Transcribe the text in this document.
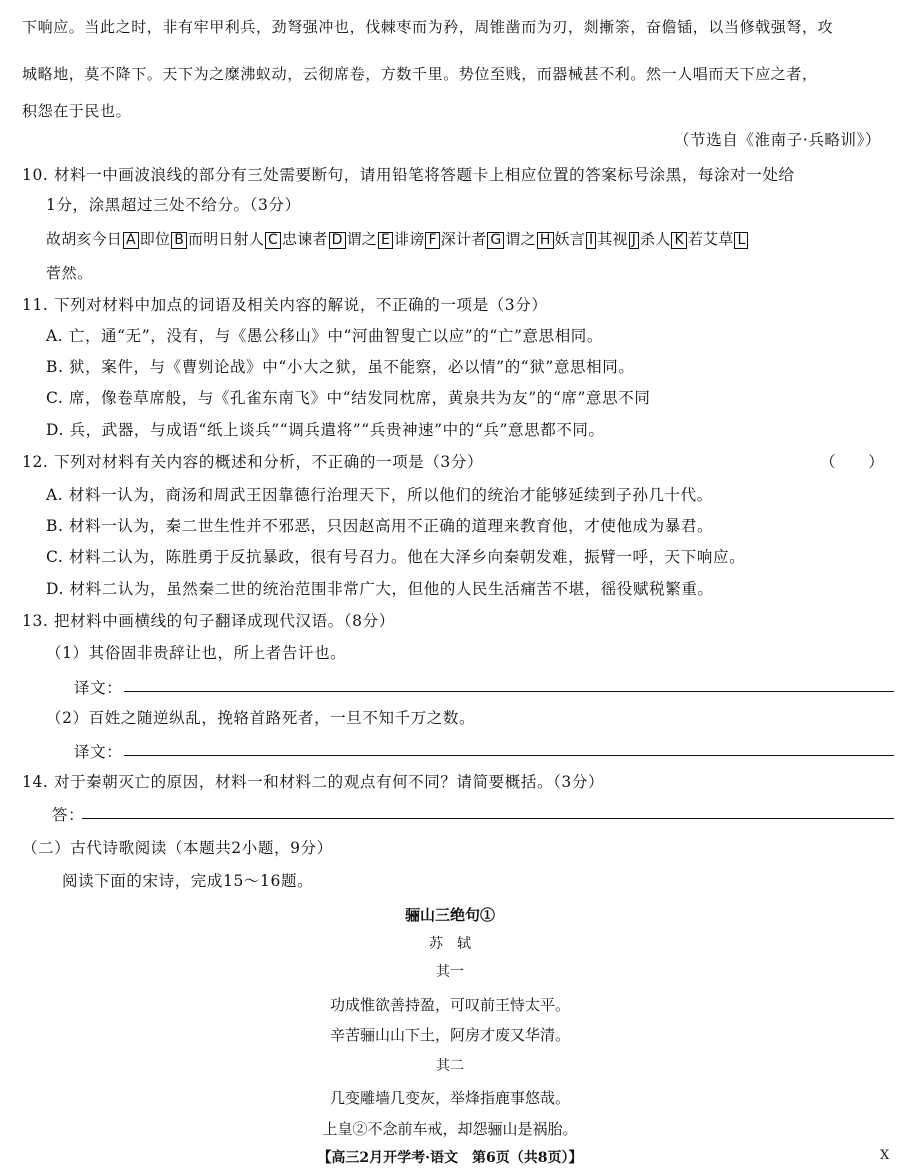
下响应。当此之时，非有牢甲利兵，劲弩强冲也，伐棘枣而为矜，周锥凿而为刃，剡摲筡，奋儋锸，以当修戟强弩，攻
城略地，莫不降下。天下为之糜沸蚁动，云彻席卷，方数千里。势位至贱，而器械甚不利。然一人唱而天下应之者，
积怨在于民也。
（节选自《淮南子·兵略训》）
10. 材料一中画波浪线的部分有三处需要断句，请用铅笔将答题卡上相应位置的答案标号涂黑，每涂对一处给
1分，涂黑超过三处不给分。（3分）
故胡亥今日 A 即位 B 而明日射人 C 忠谏者 D 谓之 E 诽谤 F 深计者 G 谓之 H 妖言 I 其视 J 杀人 K 若艾草 L
菅然。
11. 下列对材料中加点的词语及相关内容的解说，不正确的一项是（3分）
A. 亡，通“无”，没有，与《愚公移山》中“河曲智叟亡以应”的“亡”意思相同。
B. 狱，案件，与《曹刿论战》中“小大之狱，虽不能察，必以情”的“狱”意思相同。
C. 席，像卷草席般，与《孔雀东南飞》中“结发同枕席，黄泉共为友”的“席”意思不同
D. 兵，武器，与成语“纸上谈兵”“调兵遣将”“兵贵神速”中的“兵”意思都不同。
12. 下列对材料有关内容的概述和分析，不正确的一项是（3分）	（　　）
A. 材料一认为，商汤和周武王因靠德行治理天下，所以他们的统治才能够延续到子孙几十代。
B. 材料一认为，秦二世生性并不邪恶，只因赵高用不正确的道理来教育他，才使他成为暴君。
C. 材料二认为，陈胜勇于反抗暴政，很有号召力。他在大泽乡向秦朝发难，振臂一呼，天下响应。
D. 材料二认为，虽然秦二世的统治范围非常广大，但他的人民生活痛苦不堪，徭役赋税繁重。
13. 把材料中画横线的句子翻译成现代汉语。（8分）
（1）其俗固非贵辞让也，所上者告讦也。
译文：
（2）百姓之随逆纵乱，挽辂首路死者，一旦不知千万之数。
译文：
14. 对于秦朝灭亡的原因，材料一和材料二的观点有何不同？请简要概括。（3分）
答：
（二）古代诗歌阅读（本题共2小题，9分）
阅读下面的宋诗，完成15～16题。
骊山三绝句①
苏　轼
其一
功成惟欲善持盈，可叹前王恃太平。
辛苦骊山山下土，阿房才废又华清。
其二
几变雕墙几变灰，举烽指鹿事悠哉。
上皇②不念前车戒，却怨骊山是祸胎。
【高三2月开学考·语文　第6页（共8页）】	X
